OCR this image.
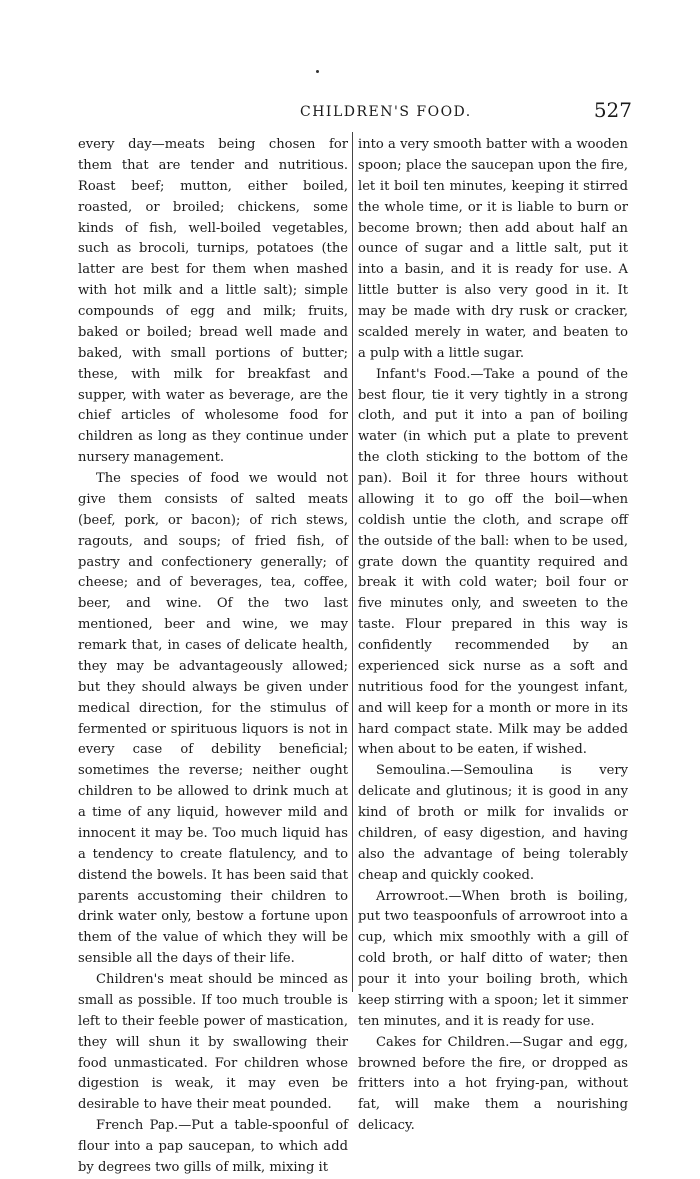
CHILDREN'S FOOD.	527

every day—meats being chosen for them that are tender and nutritious. Roast beef; mutton, either boiled, roasted, or broiled; chickens, some kinds of fish, well-boiled vegetables, such as brocoli, turnips, potatoes (the latter are best for them when mashed with hot milk and a little salt); simple compounds of egg and milk; fruits, baked or boiled; bread well made and baked, with small portions of butter; these, with milk for breakfast and supper, with water as beverage, are the chief articles of wholesome food for children as long as they continue under nursery management.

The species of food we would not give them consists of salted meats (beef, pork, or bacon); of rich stews, ragouts, and soups; of fried fish, of pastry and confectionery generally; of cheese; and of beverages, tea, coffee, beer, and wine. Of the two last mentioned, beer and wine, we may remark that, in cases of delicate health, they may be advantageously allowed; but they should always be given under medical direction, for the stimulus of fermented or spirituous liquors is not in every case of debility beneficial; sometimes the reverse; neither ought children to be allowed to drink much at a time of any liquid, however mild and innocent it may be. Too much liquid has a tendency to create flatulency, and to distend the bowels. It has been said that parents accustoming their children to drink water only, bestow a fortune upon them of the value of which they will be sensible all the days of their life.

Children's meat should be minced as small as possible. If too much trouble is left to their feeble power of mastication, they will shun it by swallowing their food unmasticated. For children whose digestion is weak, it may even be desirable to have their meat pounded.

French Pap.—Put a table-spoonful of flour into a pap saucepan, to which add by degrees two gills of milk, mixing it

into a very smooth batter with a wooden spoon; place the saucepan upon the fire, let it boil ten minutes, keeping it stirred the whole time, or it is liable to burn or become brown; then add about half an ounce of sugar and a little salt, put it into a basin, and it is ready for use. A little butter is also very good in it. It may be made with dry rusk or cracker, scalded merely in water, and beaten to a pulp with a little sugar.

Infant's Food.—Take a pound of the best flour, tie it very tightly in a strong cloth, and put it into a pan of boiling water (in which put a plate to prevent the cloth sticking to the bottom of the pan). Boil it for three hours without allowing it to go off the boil—when coldish untie the cloth, and scrape off the outside of the ball: when to be used, grate down the quantity required and break it with cold water; boil four or five minutes only, and sweeten to the taste. Flour prepared in this way is confidently recommended by an experienced sick nurse as a soft and nutritious food for the youngest infant, and will keep for a month or more in its hard compact state. Milk may be added when about to be eaten, if wished.

Semoulina.—Semoulina is very delicate and glutinous; it is good in any kind of broth or milk for invalids or children, of easy digestion, and having also the advantage of being tolerably cheap and quickly cooked.

Arrowroot.—When broth is boiling, put two teaspoonfuls of arrowroot into a cup, which mix smoothly with a gill of cold broth, or half ditto of water; then pour it into your boiling broth, which keep stirring with a spoon; let it simmer ten minutes, and it is ready for use.

Cakes for Children.—Sugar and egg, browned before the fire, or dropped as fritters into a hot frying-pan, without fat, will make them a nourishing delicacy.
